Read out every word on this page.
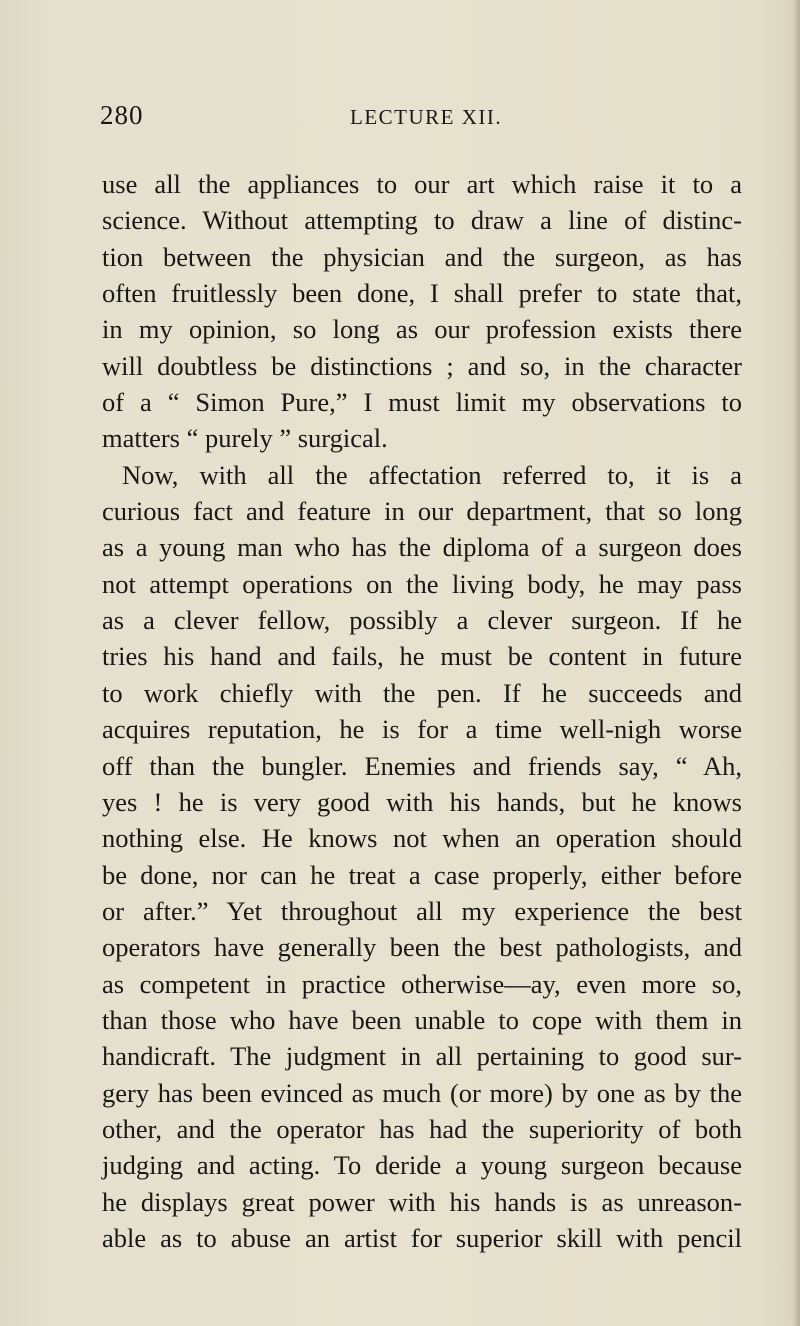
280	LECTURE XII.
use all the appliances to our art which raise it to a
science. Without attempting to draw a line of distinc-
tion between the physician and the surgeon, as has
often fruitlessly been done, I shall prefer to state that,
in my opinion, so long as our profession exists there
will doubtless be distinctions ; and so, in the character
of a “ Simon Pure,” I must limit my observations to
matters “ purely ” surgical.
Now, with all the affectation referred to, it is a
curious fact and feature in our department, that so long
as a young man who has the diploma of a surgeon does
not attempt operations on the living body, he may pass
as a clever fellow, possibly a clever surgeon. If he
tries his hand and fails, he must be content in future
to work chiefly with the pen. If he succeeds and
acquires reputation, he is for a time well-nigh worse
off than the bungler. Enemies and friends say, “ Ah,
yes ! he is very good with his hands, but he knows
nothing else. He knows not when an operation should
be done, nor can he treat a case properly, either before
or after.” Yet throughout all my experience the best
operators have generally been the best pathologists, and
as competent in practice otherwise—ay, even more so,
than those who have been unable to cope with them in
handicraft. The judgment in all pertaining to good sur-
gery has been evinced as much (or more) by one as by the
other, and the operator has had the superiority of both
judging and acting. To deride a young surgeon because
he displays great power with his hands is as unreason-
able as to abuse an artist for superior skill with pencil
